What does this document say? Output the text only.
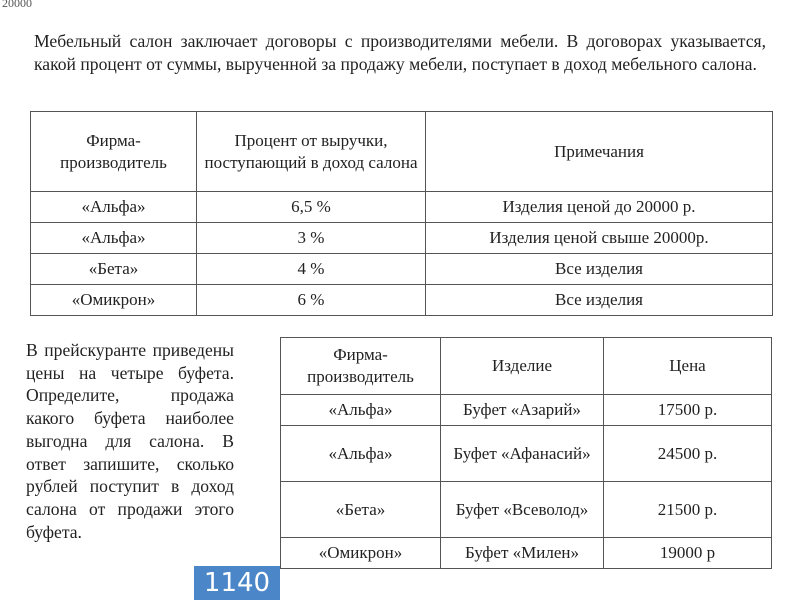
20000
Мебельный салон заключает договоры с производителями мебели. В договорах указывается, какой процент от суммы, вырученной за продажу мебели, поступает в доход мебельного салона.
Фирма-производитель	Процент от выручки, поступающий в доход салона	Примечания
«Альфа»	6,5 %	Изделия ценой до 20000 р.
«Альфа»	3 %	Изделия ценой свыше 20000р.
«Бета»	4 %	Все изделия
«Омикрон»	6 %	Все изделия
В прейскуранте приведены цены на четыре буфета. Определите, продажа какого буфета наиболее выгодна для салона. В ответ запишите, сколько рублей поступит в доход салона от продажи этого буфета.
Фирма-производитель	Изделие	Цена
«Альфа»	Буфет «Азарий»	17500 р.
«Альфа»	Буфет «Афанасий»	24500 р.
«Бета»	Буфет «Всеволод»	21500 р.
«Омикрон»	Буфет «Милен»	19000 р
1140
